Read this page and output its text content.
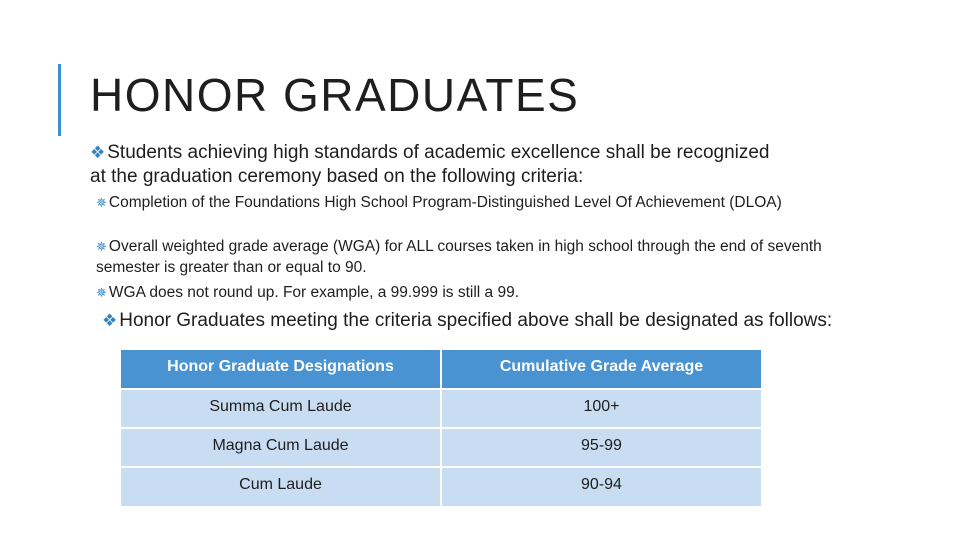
HONOR GRADUATES
❖ Students achieving high standards of academic excellence shall be recognized at the graduation ceremony based on the following criteria:
✵ Completion of the Foundations High School Program-Distinguished Level Of Achievement (DLOA)
✵ Overall weighted grade average (WGA) for ALL courses taken in high school through the end of seventh semester is greater than or equal to 90.
✵ WGA does not round up. For example, a 99.999 is still a 99.
❖ Honor Graduates meeting the criteria specified above shall be designated as follows:
Honor Graduate Designations	Cumulative Grade Average
Summa Cum Laude	100+
Magna Cum Laude	95-99
Cum Laude	90-94
